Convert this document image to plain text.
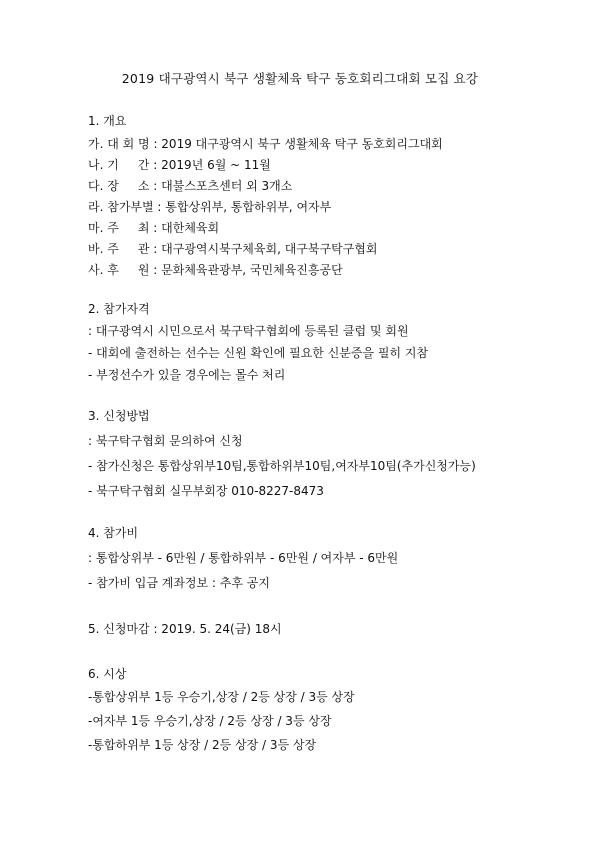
2019 대구광역시 북구 생활체육 탁구 동호회리그대회 모집 요강
1. 개요
가. 대 회 명 : 2019 대구광역시 북구 생활체육 탁구 동호회리그대회
나. 기     간 : 2019년 6월 ~ 11월
다. 장     소 : 대불스포츠센터 외 3개소
라. 참가부별 : 통합상위부, 통합하위부, 여자부
마. 주     최 : 대한체육회
바. 주     관 : 대구광역시북구체육회, 대구북구탁구협회
사. 후     원 : 문화체육관광부, 국민체육진흥공단
2. 참가자격
: 대구광역시 시민으로서 북구탁구협회에 등록된 클럽 및 회원
- 대회에 출전하는 선수는 신원 확인에 필요한 신분증을 필히 지참
- 부정선수가 있을 경우에는 몰수 처리
3. 신청방법
: 북구탁구협회 문의하여 신청
- 참가신청은 통합상위부10팀,통합하위부10팀,여자부10팀(추가신청가능)
- 북구탁구협회 실무부회장 010-8227-8473
4. 참가비
: 통합상위부 - 6만원 / 통합하위부 - 6만원 / 여자부 - 6만원
- 참가비 입금 계좌정보 : 추후 공지
5. 신청마감 : 2019. 5. 24(금) 18시
6. 시상
-통합상위부 1등 우승기,상장 / 2등 상장 / 3등 상장
-여자부 1등 우승기,상장 / 2등 상장 / 3등 상장
-통합하위부 1등 상장 / 2등 상장 / 3등 상장
